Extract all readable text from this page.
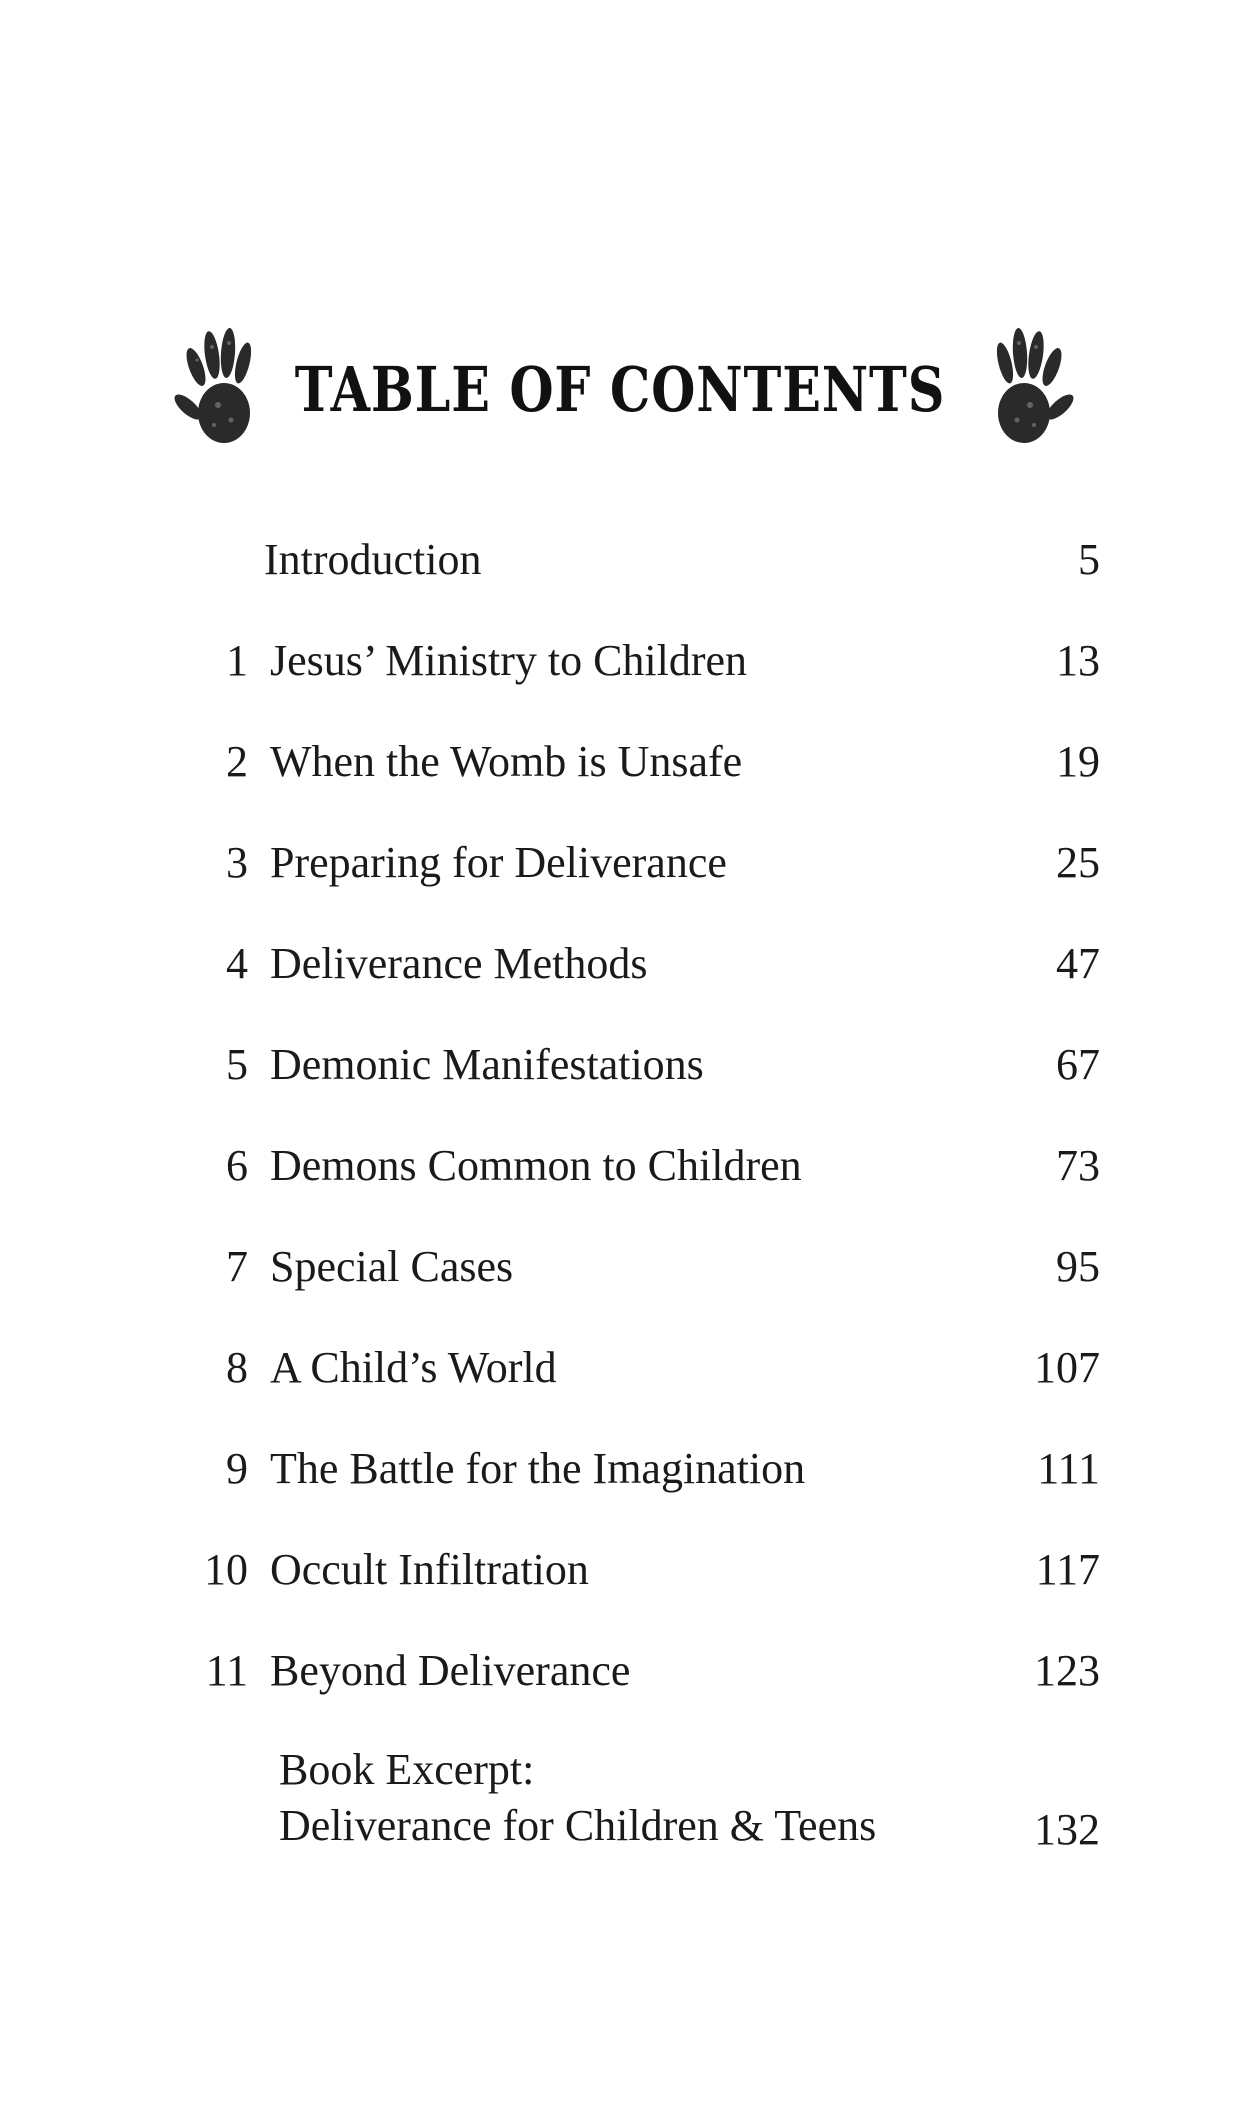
TABLE OF CONTENTS
Introduction	5
1 Jesus’ Ministry to Children	13
2 When the Womb is Unsafe	19
3 Preparing for Deliverance	25
4 Deliverance Methods	47
5 Demonic Manifestations	67
6 Demons Common to Children	73
7 Special Cases	95
8 A Child’s World	107
9 The Battle for the Imagination	111
10 Occult Infiltration	117
11 Beyond Deliverance	123
Book Excerpt:
Deliverance for Children & Teens	132
